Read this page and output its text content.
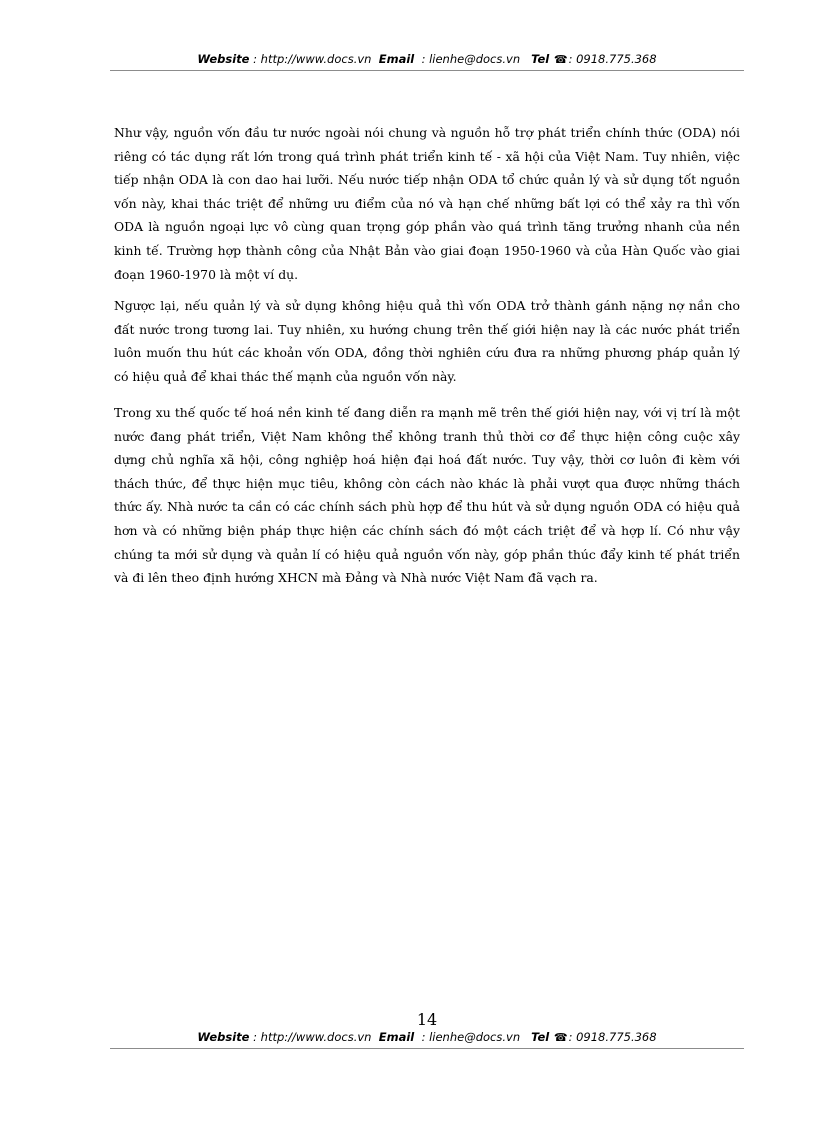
Website : http://www.docs.vn Email : lienhe@docs.vn Tel ☎: 0918.775.368

Như vậy, nguồn vốn đầu tư nước ngoài nói chung và nguồn hỗ trợ phát triển chính thức (ODA) nói riêng có tác dụng rất lớn trong quá trình phát triển kinh tế - xã hội của Việt Nam. Tuy nhiên, việc tiếp nhận ODA là con dao hai lưỡi. Nếu nước tiếp nhận ODA tổ chức quản lý và sử dụng tốt nguồn vốn này, khai thác triệt để những ưu điểm của nó và hạn chế những bất lợi có thể xảy ra thì vốn ODA là nguồn ngoại lực vô cùng quan trọng góp phần vào quá trình tăng trưởng nhanh của nền kinh tế. Trường hợp thành công của Nhật Bản vào giai đoạn 1950-1960 và của Hàn Quốc vào giai đoạn 1960-1970 là một ví dụ.

Ngược lại, nếu quản lý và sử dụng không hiệu quả thì vốn ODA trở thành gánh nặng nợ nần cho đất nước trong tương lai. Tuy nhiên, xu hướng chung trên thế giới hiện nay là các nước phát triển luôn muốn thu hút các khoản vốn ODA, đồng thời nghiên cứu đưa ra những phương pháp quản lý có hiệu quả để khai thác thế mạnh của nguồn vốn này.

Trong xu thế quốc tế hoá nền kinh tế đang diễn ra mạnh mẽ trên thế giới hiện nay, với vị trí là một nước đang phát triển, Việt Nam không thể không tranh thủ thời cơ để thực hiện công cuộc xây dựng chủ nghĩa xã hội, công nghiệp hoá hiện đại hoá đất nước. Tuy vậy, thời cơ luôn đi kèm với thách thức, để thực hiện mục tiêu, không còn cách nào khác là phải vượt qua được những thách thức ấy. Nhà nước ta cần có các chính sách phù hợp để thu hút và sử dụng nguồn ODA có hiệu quả hơn và có những biện pháp thực hiện các chính sách đó một cách triệt để và hợp lí. Có như vậy chúng ta mới sử dụng và quản lí có hiệu quả nguồn vốn này, góp phần thúc đẩy kinh tế phát triển và đi lên theo định hướng XHCN mà Đảng và Nhà nước Việt Nam đã vạch ra.

14
Website : http://www.docs.vn Email : lienhe@docs.vn Tel ☎: 0918.775.368
